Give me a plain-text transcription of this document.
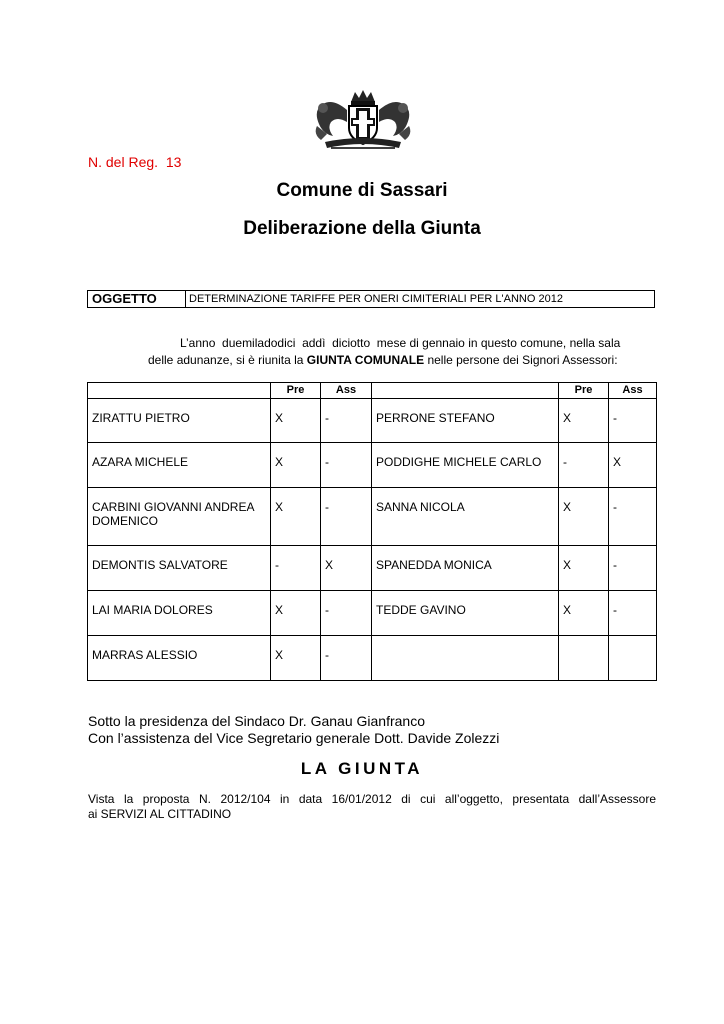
N. del Reg.  13
Comune di Sassari
Deliberazione della Giunta
OGGETTO	DETERMINAZIONE TARIFFE PER ONERI CIMITERIALI PER L'ANNO 2012
L’anno  duemiladodici  addì  diciotto  mese di gennaio in questo comune, nella sala
delle adunanze, si è riunita la GIUNTA COMUNALE nelle persone dei Signori Assessori:
	Pre	Ass		Pre	Ass
ZIRATTU PIETRO	X	-	PERRONE STEFANO	X	-
AZARA MICHELE	X	-	PODDIGHE MICHELE CARLO	-	X
CARBINI GIOVANNI ANDREA DOMENICO	X	-	SANNA NICOLA	X	-
DEMONTIS SALVATORE	-	X	SPANEDDA MONICA	X	-
LAI MARIA DOLORES	X	-	TEDDE GAVINO	X	-
MARRAS ALESSIO	X	-			
Sotto la presidenza del Sindaco Dr. Ganau Gianfranco
Con l’assistenza del Vice Segretario generale Dott. Davide Zolezzi
LA GIUNTA
Vista la proposta N. 2012/104 in data 16/01/2012 di cui all’oggetto, presentata dall’Assessore
ai SERVIZI AL CITTADINO
